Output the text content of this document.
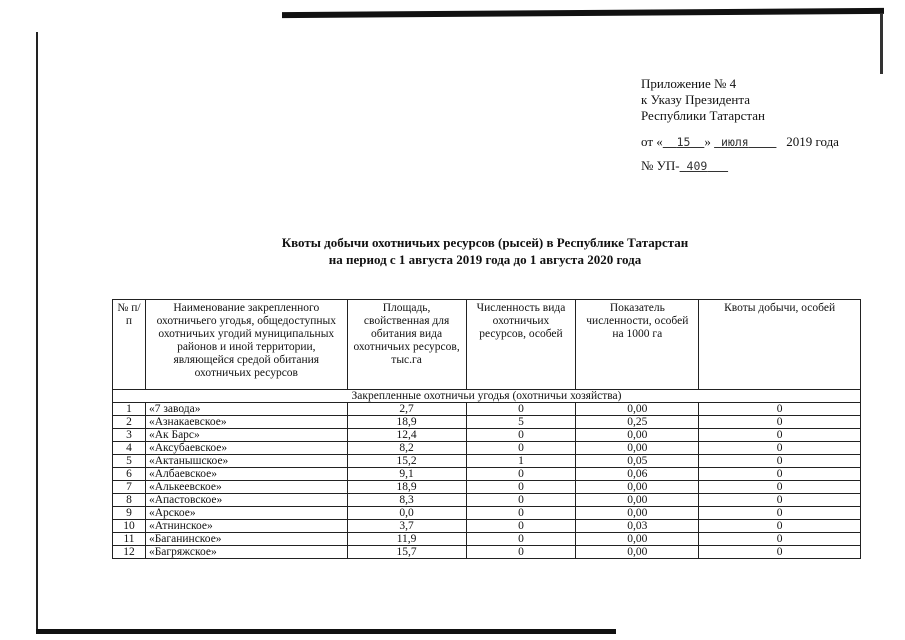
Приложение № 4
к Указу Президента
Республики Татарстан
от « 15 » июля	2019 года
№ УП- 409
Квоты добычи охотничьих ресурсов (рысей) в Республике Татарстан
на период с 1 августа 2019 года до 1 августа 2020 года
№ п/п	Наименование закрепленного охотничьего угодья, общедоступных охотничьих угодий муниципальных районов и иной территории, являющейся средой обитания охотничьих ресурсов	Площадь, свойственная для обитания вида охотничьих ресурсов, тыс.га	Численность вида охотничьих ресурсов, особей	Показатель численности, особей на 1000 га	Квоты добычи, особей
Закрепленные охотничьи угодья (охотничьи хозяйства)					
1	«7 завода»	2,7	0	0,00	0
2	«Азнакаевское»	18,9	5	0,25	0
3	«Ак Барс»	12,4	0	0,00	0
4	«Аксубаевское»	8,2	0	0,00	0
5	«Актанышское»	15,2	1	0,05	0
6	«Албаевское»	9,1	0	0,06	0
7	«Алькеевское»	18,9	0	0,00	0
8	«Апастовское»	8,3	0	0,00	0
9	«Арское»	0,0	0	0,00	0
10	«Атнинское»	3,7	0	0,03	0
11	«Баганинское»	11,9	0	0,00	0
12	«Багряжское»	15,7	0	0,00	0
